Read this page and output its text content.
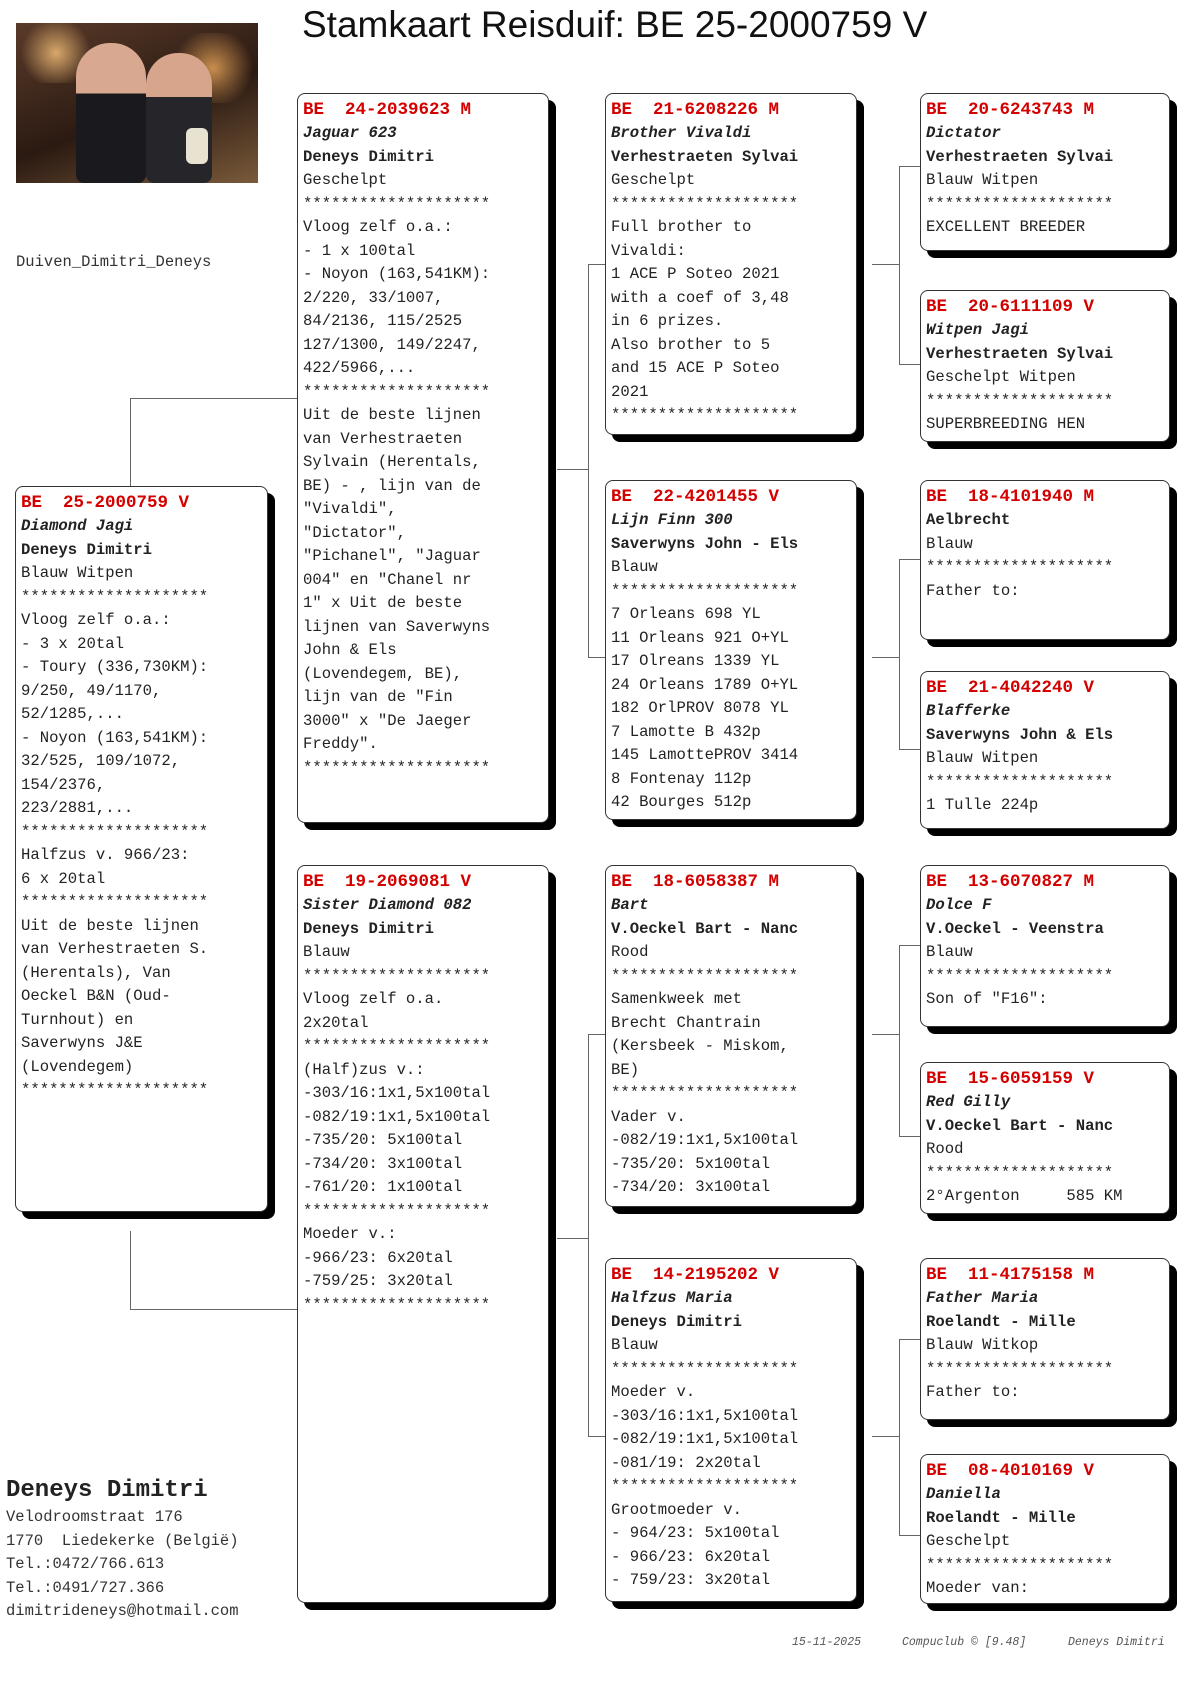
Stamkaart Reisduif: BE 25-2000759 V
Duiven_Dimitri_Deneys
BE  25-2000759 V
Diamond Jagi
Deneys Dimitri
Blauw Witpen
********************
Vloog zelf o.a.:
- 3 x 20tal
- Toury (336,730KM):
9/250, 49/1170,
52/1285,...
- Noyon (163,541KM):
32/525, 109/1072,
154/2376,
223/2881,...
********************
Halfzus v. 966/23:
6 x 20tal
********************
Uit de beste lijnen
van Verhestraeten S.
(Herentals), Van
Oeckel B&N (Oud-
Turnhout) en
Saverwyns J&E
(Lovendegem)
********************
BE  24-2039623 M
Jaguar 623
Deneys Dimitri
Geschelpt
********************
Vloog zelf o.a.:
- 1 x 100tal
- Noyon (163,541KM):
2/220, 33/1007,
84/2136, 115/2525
127/1300, 149/2247,
422/5966,...
********************
Uit de beste lijnen
van Verhestraeten
Sylvain (Herentals,
BE) - , lijn van de
"Vivaldi",
"Dictator",
"Pichanel", "Jaguar
004" en "Chanel nr
1" x Uit de beste
lijnen van Saverwyns
John & Els
(Lovendegem, BE),
lijn van de "Fin
3000" x "De Jaeger
Freddy".
********************
BE  19-2069081 V
Sister Diamond 082
Deneys Dimitri
Blauw
********************
Vloog zelf o.a.
2x20tal
********************
(Half)zus v.:
-303/16:1x1,5x100tal
-082/19:1x1,5x100tal
-735/20: 5x100tal
-734/20: 3x100tal
-761/20: 1x100tal
********************
Moeder v.:
-966/23: 6x20tal
-759/25: 3x20tal
********************
BE  21-6208226 M
Brother Vivaldi
Verhestraeten Sylvai
Geschelpt
********************
Full brother to
Vivaldi:
1 ACE P Soteo 2021
with a coef of 3,48
in 6 prizes.
Also brother to 5
and 15 ACE P Soteo
2021
********************
BE  22-4201455 V
Lijn Finn 300
Saverwyns John - Els
Blauw
********************
7 Orleans 698 YL
11 Orleans 921 O+YL
17 Olreans 1339 YL
24 Orleans 1789 O+YL
182 OrlPROV 8078 YL
7 Lamotte B 432p
145 LamottePROV 3414
8 Fontenay 112p
42 Bourges 512p
BE  18-6058387 M
Bart
V.Oeckel Bart - Nanc
Rood
********************
Samenkweek met
Brecht Chantrain
(Kersbeek - Miskom,
BE)
********************
Vader v.
-082/19:1x1,5x100tal
-735/20: 5x100tal
-734/20: 3x100tal
BE  14-2195202 V
Halfzus Maria
Deneys Dimitri
Blauw
********************
Moeder v.
-303/16:1x1,5x100tal
-082/19:1x1,5x100tal
-081/19: 2x20tal
********************
Grootmoeder v.
- 964/23: 5x100tal
- 966/23: 6x20tal
- 759/23: 3x20tal
BE  20-6243743 M
Dictator
Verhestraeten Sylvai
Blauw Witpen
********************
EXCELLENT BREEDER
BE  20-6111109 V
Witpen Jagi
Verhestraeten Sylvai
Geschelpt Witpen
********************
SUPERBREEDING HEN
BE  18-4101940 M
Aelbrecht
Blauw
********************
Father to:
BE  21-4042240 V
Blafferke
Saverwyns John & Els
Blauw Witpen
********************
1 Tulle 224p
BE  13-6070827 M
Dolce F
V.Oeckel - Veenstra
Blauw
********************
Son of "F16":
BE  15-6059159 V
Red Gilly
V.Oeckel Bart - Nanc
Rood
********************
2°Argenton     585 KM
BE  11-4175158 M
Father Maria
Roelandt - Mille
Blauw Witkop
********************
Father to:
BE  08-4010169 V
Daniella
Roelandt - Mille
Geschelpt
********************
Moeder van:
Deneys Dimitri
Velodroomstraat 176
1770  Liedekerke (België)
Tel.:0472/766.613
Tel.:0491/727.366
dimitrideneys@hotmail.com
15-11-2025	Compuclub © [9.48]	Deneys Dimitri
